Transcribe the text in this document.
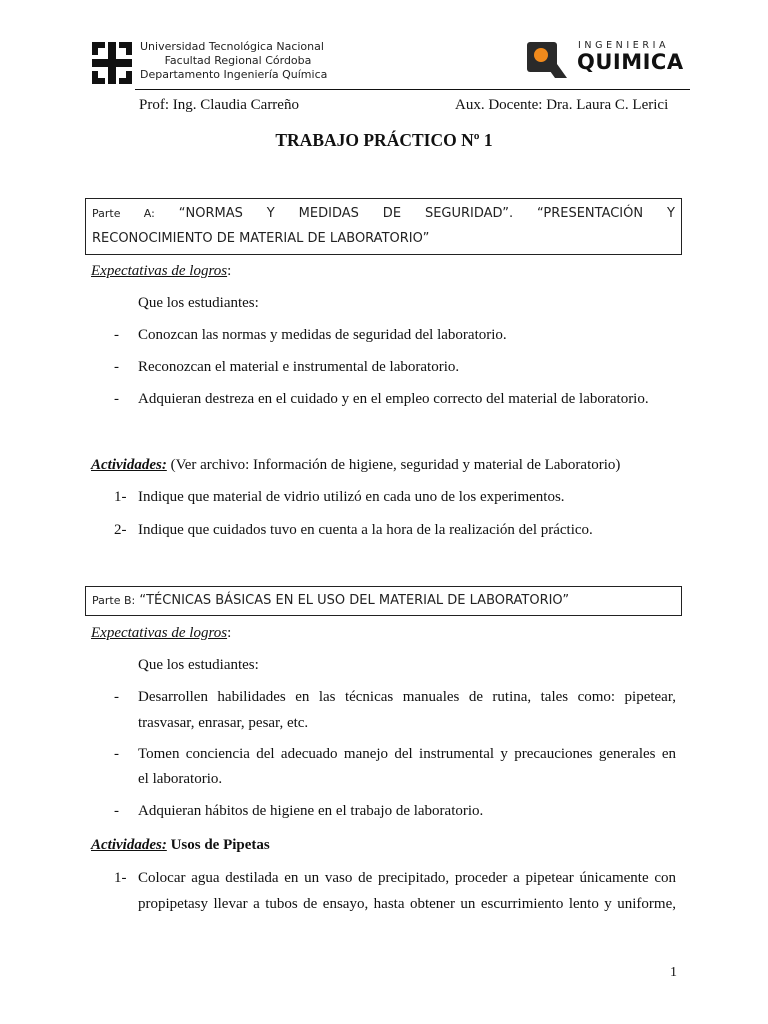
Universidad Tecnológica Nacional
Facultad Regional Córdoba
Departamento Ingeniería Química
INGENIERIA
QUIMICA
Prof: Ing. Claudia Carreño	Aux. Docente: Dra. Laura C. Lerici
TRABAJO PRÁCTICO Nº 1
Parte A: “NORMAS Y MEDIDAS DE SEGURIDAD”. “PRESENTACIÓN Y
RECONOCIMIENTO DE MATERIAL DE LABORATORIO”
Expectativas de logros:
Que los estudiantes:
- Conozcan las normas y medidas de seguridad del laboratorio.
- Reconozcan el material e instrumental de laboratorio.
- Adquieran destreza en el cuidado y en el empleo correcto del material de laboratorio.
Actividades: (Ver archivo: Información de higiene, seguridad y material de Laboratorio)
1- Indique que material de vidrio utilizó en cada uno de los experimentos.
2- Indique que cuidados tuvo en cuenta a la hora de la realización del práctico.
Parte B: “TÉCNICAS BÁSICAS EN EL USO DEL MATERIAL DE LABORATORIO”
Expectativas de logros:
Que los estudiantes:
- Desarrollen habilidades en las técnicas manuales de rutina, tales como: pipetear,
trasvasar, enrasar, pesar, etc.
- Tomen conciencia del adecuado manejo del instrumental y precauciones generales en
el laboratorio.
- Adquieran hábitos de higiene en el trabajo de laboratorio.
Actividades: Usos de Pipetas
1- Colocar agua destilada en un vaso de precipitado, proceder a pipetear únicamente con
propipetasy llevar a tubos de ensayo, hasta obtener un escurrimiento lento y uniforme,
1
